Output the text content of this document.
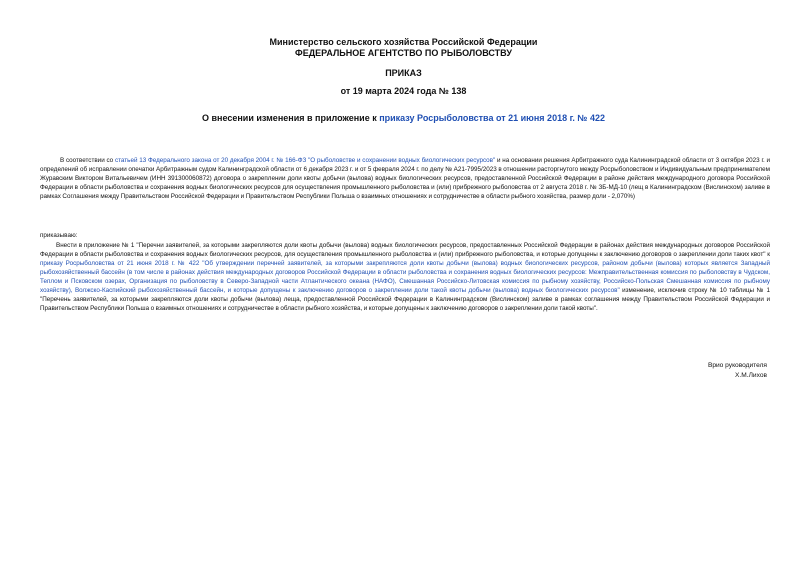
Министерство сельского хозяйства Российской Федерации
ФЕДЕРАЛЬНОЕ АГЕНТСТВО ПО РЫБОЛОВСТВУ
ПРИКАЗ
от 19 марта 2024 года № 138
О внесении изменения в приложение к приказу Росрыболовства от 21 июня 2018 г. № 422
В соответствии со статьей 13 Федерального закона от 20 декабря 2004 г. № 166-ФЗ "О рыболовстве и сохранении водных биологических ресурсов" и на основании решения Арбитражного суда Калининградской области от 3 октября 2023 г. и определений об исправлении опечатки Арбитражным судом Калининградской области от 6 декабря 2023 г. и от 5 февраля 2024 г. по делу № А21-7995/2023 в отношении расторгнутого между Росрыболовством и Индивидуальным предпринимателем Журавским Виктором Витальевичем (ИНН 391300060872) договора о закреплении доли квоты добычи (вылова) водных биологических ресурсов, предоставленной Российской Федерации в районе действия международного договора Российской Федерации в области рыболовства и сохранения водных биологических ресурсов для осуществления промышленного рыболовства и (или) прибрежного рыболовства от 2 августа 2018 г. № ЗБ-МД-10 (лещ в Калининградском (Вислинском) заливе в рамках Соглашения между Правительством Российской Федерации и Правительством Республики Польша о взаимных отношениях и сотрудничестве в области рыбного хозяйства, размер доли - 2,070%)
приказываю:
Внести в приложение № 1 "Перечни заявителей, за которыми закрепляются доли квоты добычи (вылова) водных биологических ресурсов, предоставленных Российской Федерации в районах действия международных договоров Российской Федерации в области рыболовства и сохранения водных биологических ресурсов, для осуществления промышленного рыболовства и (или) прибрежного рыболовства, и которые допущены к заключению договоров о закреплении доли таких квот" к приказу Росрыболовства от 21 июня 2018 г. № 422 "Об утверждении перечней заявителей, за которыми закрепляются доли квоты добычи (вылова) водных биологических ресурсов, районом добычи (вылова) которых является Западный рыбохозяйственный бассейн (в том числе в районах действия международных договоров Российской Федерации в области рыболовства и сохранения водных биологических ресурсов: Межправительственная комиссия по рыболовству в Чудском, Теплом и Псковском озерах, Организация по рыболовству в Северо-Западной части Атлантического океана (НАФО), Смешанная Российско-Литовская комиссия по рыбному хозяйству, Российско-Польская Смешанная комиссия по рыбному хозяйству), Волжско-Каспийский рыбохозяйственный бассейн, и которые допущены к заключению договоров о закреплении доли такой квоты добычи (вылова) водных биологических ресурсов" изменение, исключив строку № 10 таблицы № 1 "Перечень заявителей, за которыми закрепляются доли квоты добычи (вылова) леща, предоставленной Российской Федерации в Калининградском (Вислинском) заливе в рамках соглашения между Правительством Российской Федерации и Правительством Республики Польша о взаимных отношениях и сотрудничестве в области рыбного хозяйства, и которые допущены к заключению договоров о закреплении доли такой квоты".
Врио руководителя
Х.М.Лихов
